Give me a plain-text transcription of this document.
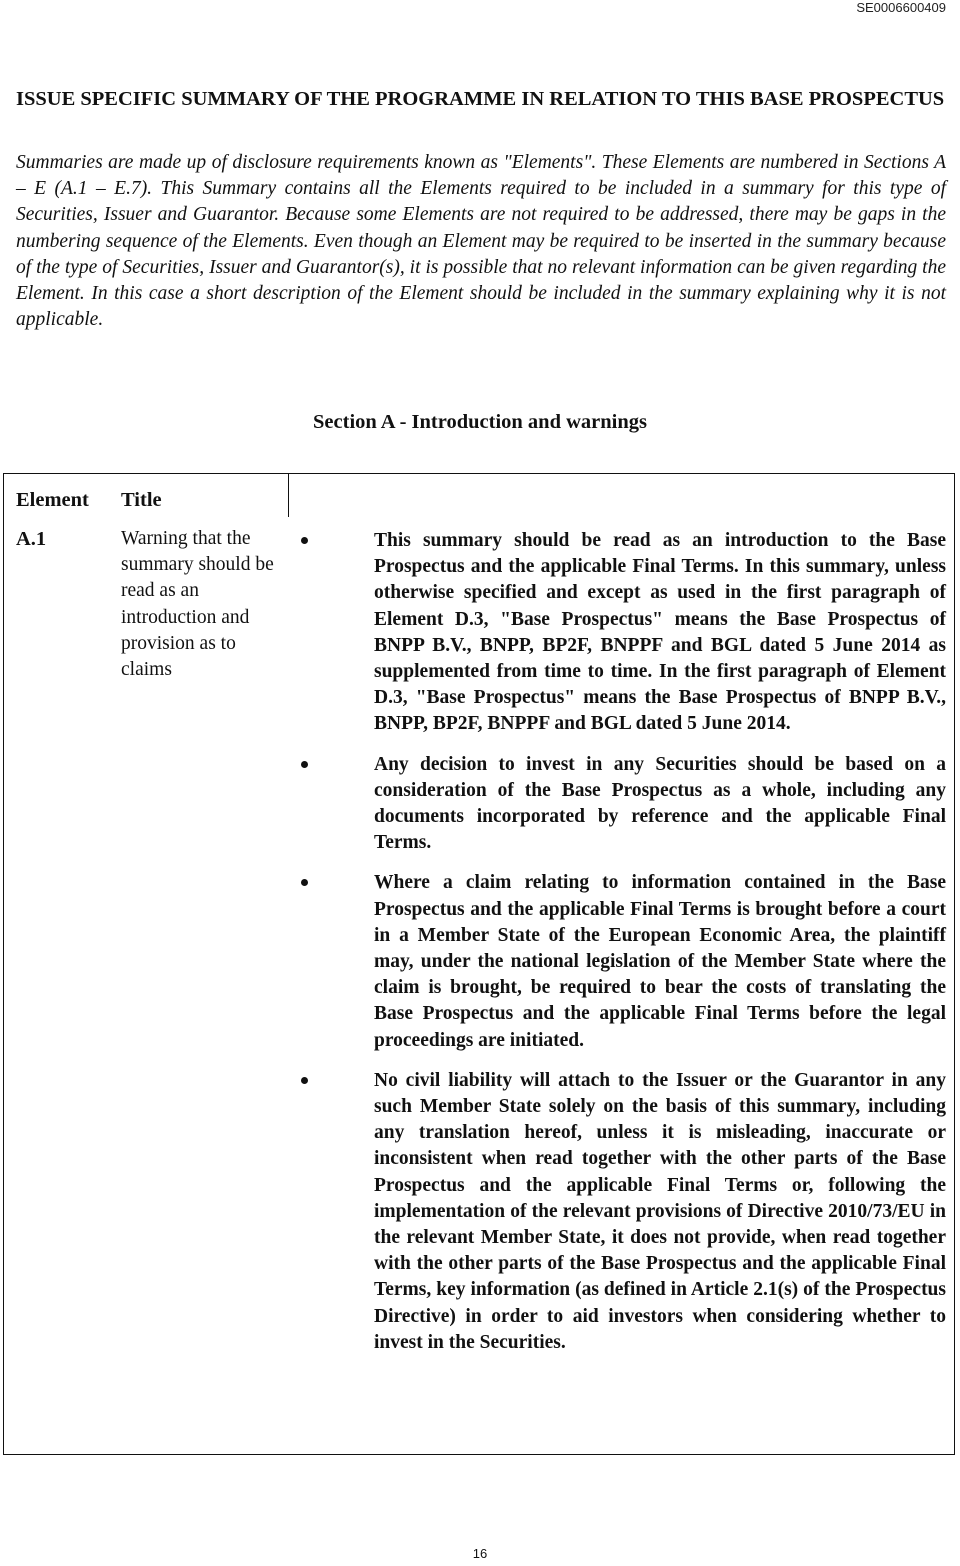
SE0006600409
ISSUE SPECIFIC SUMMARY OF THE PROGRAMME IN RELATION TO THIS BASE PROSPECTUS

Summaries are made up of disclosure requirements known as "Elements". These Elements are numbered in Sections A – E (A.1 – E.7). This Summary contains all the Elements required to be included in a summary for this type of Securities, Issuer and Guarantor. Because some Elements are not required to be addressed, there may be gaps in the numbering sequence of the Elements. Even though an Element may be required to be inserted in the summary because of the type of Securities, Issuer and Guarantor(s), it is possible that no relevant information can be given regarding the Element. In this case a short description of the Element should be included in the summary explaining why it is not applicable.

Section A - Introduction and warnings
Element Title
A.1	Warning that the summary should be read as an introduction and provision as to claims
This summary should be read as an introduction to the Base Prospectus and the applicable Final Terms. In this summary, unless otherwise specified and except as used in the first paragraph of Element D.3, "Base Prospectus" means the Base Prospectus of BNPP B.V., BNPP, BP2F, BNPPF and BGL dated 5 June 2014 as supplemented from time to time. In the first paragraph of Element D.3, "Base Prospectus" means the Base Prospectus of BNPP B.V., BNPP, BP2F, BNPPF and BGL dated 5 June 2014.
Any decision to invest in any Securities should be based on a consideration of the Base Prospectus as a whole, including any documents incorporated by reference and the applicable Final Terms.
Where a claim relating to information contained in the Base Prospectus and the applicable Final Terms is brought before a court in a Member State of the European Economic Area, the plaintiff may, under the national legislation of the Member State where the claim is brought, be required to bear the costs of translating the Base Prospectus and the applicable Final Terms before the legal proceedings are initiated.
No civil liability will attach to the Issuer or the Guarantor in any such Member State solely on the basis of this summary, including any translation hereof, unless it is misleading, inaccurate or inconsistent when read together with the other parts of the Base Prospectus and the applicable Final Terms or, following the implementation of the relevant provisions of Directive 2010/73/EU in the relevant Member State, it does not provide, when read together with the other parts of the Base Prospectus and the applicable Final Terms, key information (as defined in Article 2.1(s) of the Prospectus Directive) in order to aid investors when considering whether to invest in the Securities.
16
